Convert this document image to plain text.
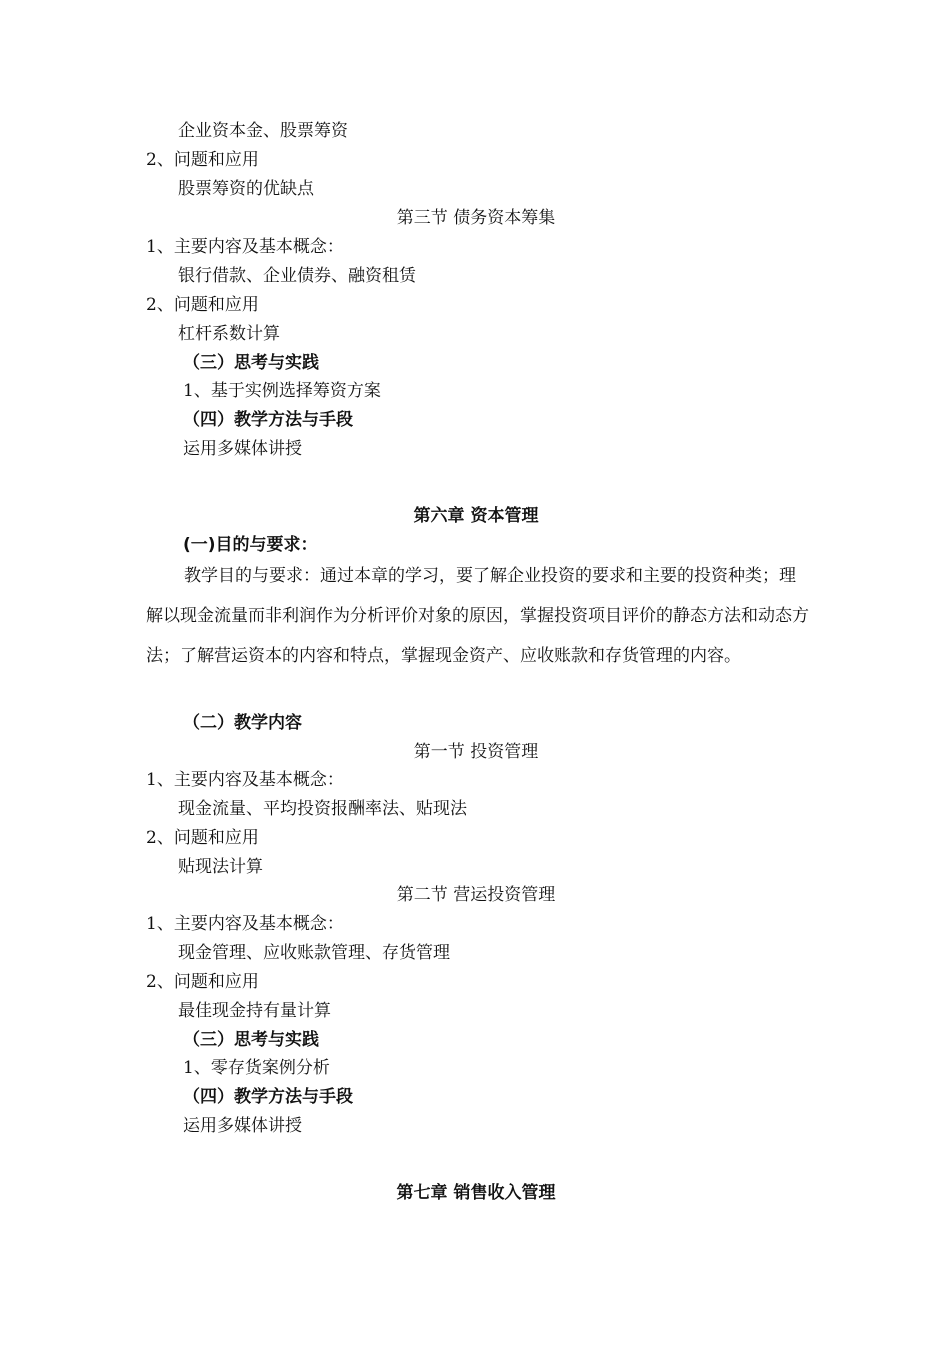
企业资本金、股票筹资
2、问题和应用
股票筹资的优缺点
第三节 债务资本筹集
1、主要内容及基本概念：
银行借款、企业债券、融资租赁
2、问题和应用
杠杆系数计算
（三）思考与实践
1、基于实例选择筹资方案
（四）教学方法与手段
运用多媒体讲授
第六章 资本管理
(一)目的与要求：
教学目的与要求：通过本章的学习，要了解企业投资的要求和主要的投资种类；理解以现金流量而非利润作为分析评价对象的原因，掌握投资项目评价的静态方法和动态方法；了解营运资本的内容和特点，掌握现金资产、应收账款和存货管理的内容。
（二）教学内容
第一节 投资管理
1、主要内容及基本概念：
现金流量、平均投资报酬率法、贴现法
2、问题和应用
贴现法计算
第二节 营运投资管理
1、主要内容及基本概念：
现金管理、应收账款管理、存货管理
2、问题和应用
最佳现金持有量计算
（三）思考与实践
1、零存货案例分析
（四）教学方法与手段
运用多媒体讲授
第七章 销售收入管理
